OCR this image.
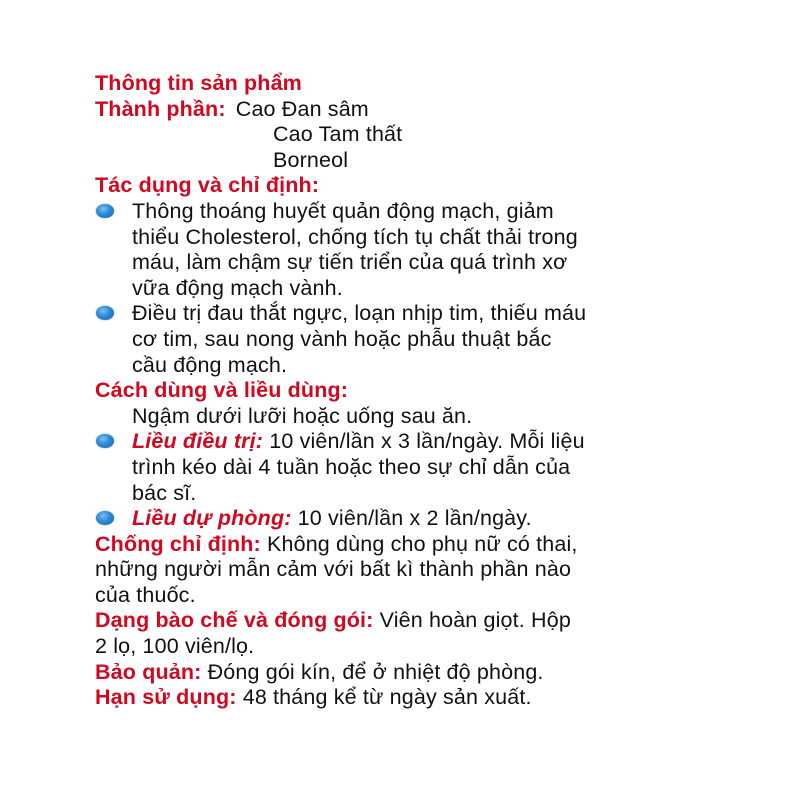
Thông tin sản phẩm
Thành phần: Cao Đan sâm
Cao Tam thất
Borneol
Tác dụng và chỉ định:
Thông thoáng huyết quản động mạch, giảm
thiểu Cholesterol, chống tích tụ chất thải trong
máu, làm chậm sự tiến triển của quá trình xơ
vữa động mạch vành.
Điều trị đau thắt ngực, loạn nhịp tim, thiếu máu
cơ tim, sau nong vành hoặc phẫu thuật bắc
cầu động mạch.
Cách dùng và liều dùng:
Ngậm dưới lưỡi hoặc uống sau ăn.
Liều điều trị: 10 viên/lần x 3 lần/ngày. Mỗi liệu
trình kéo dài 4 tuần hoặc theo sự chỉ dẫn của
bác sĩ.
Liều dự phòng: 10 viên/lần x 2 lần/ngày.
Chống chỉ định: Không dùng cho phụ nữ có thai,
những người mẫn cảm với bất kì thành phần nào
của thuốc.
Dạng bào chế và đóng gói: Viên hoàn giọt. Hộp
2 lọ, 100 viên/lọ.
Bảo quản: Đóng gói kín, để ở nhiệt độ phòng.
Hạn sử dụng: 48 tháng kể từ ngày sản xuất.
